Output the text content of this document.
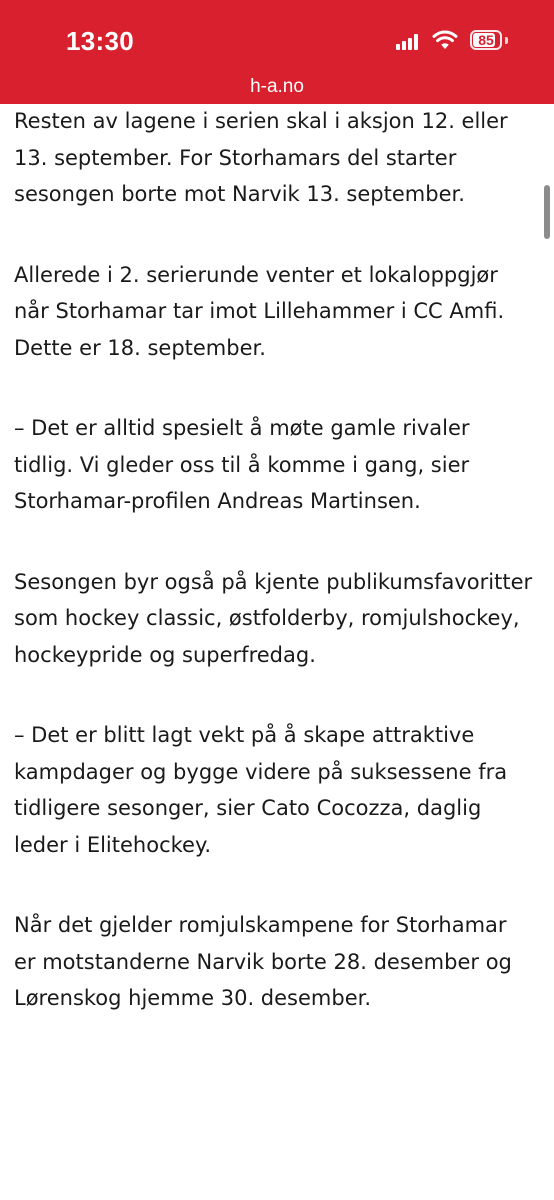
Resten av lagene i serien skal i aksjon 12. eller 13. september. For Storhamars del starter sesongen borte mot Narvik 13. september.

Allerede i 2. serierunde venter et lokaloppgjør når Storhamar tar imot Lillehammer i CC Amfi. Dette er 18. september.

– Det er alltid spesielt å møte gamle rivaler tidlig. Vi gleder oss til å komme i gang, sier Storhamar-profilen Andreas Martinsen.

Sesongen byr også på kjente publikumsfavoritter som hockey classic, østfolderby, romjulshockey, hockeypride og superfredag.

– Det er blitt lagt vekt på å skape attraktive kampdager og bygge videre på suksessene fra tidligere sesonger, sier Cato Cocozza, daglig leder i Elitehockey.

Når det gjelder romjulskampene for Storhamar er motstanderne Narvik borte 28. desember og Lørenskog hjemme 30. desember.

13:30	85
h-a.no
